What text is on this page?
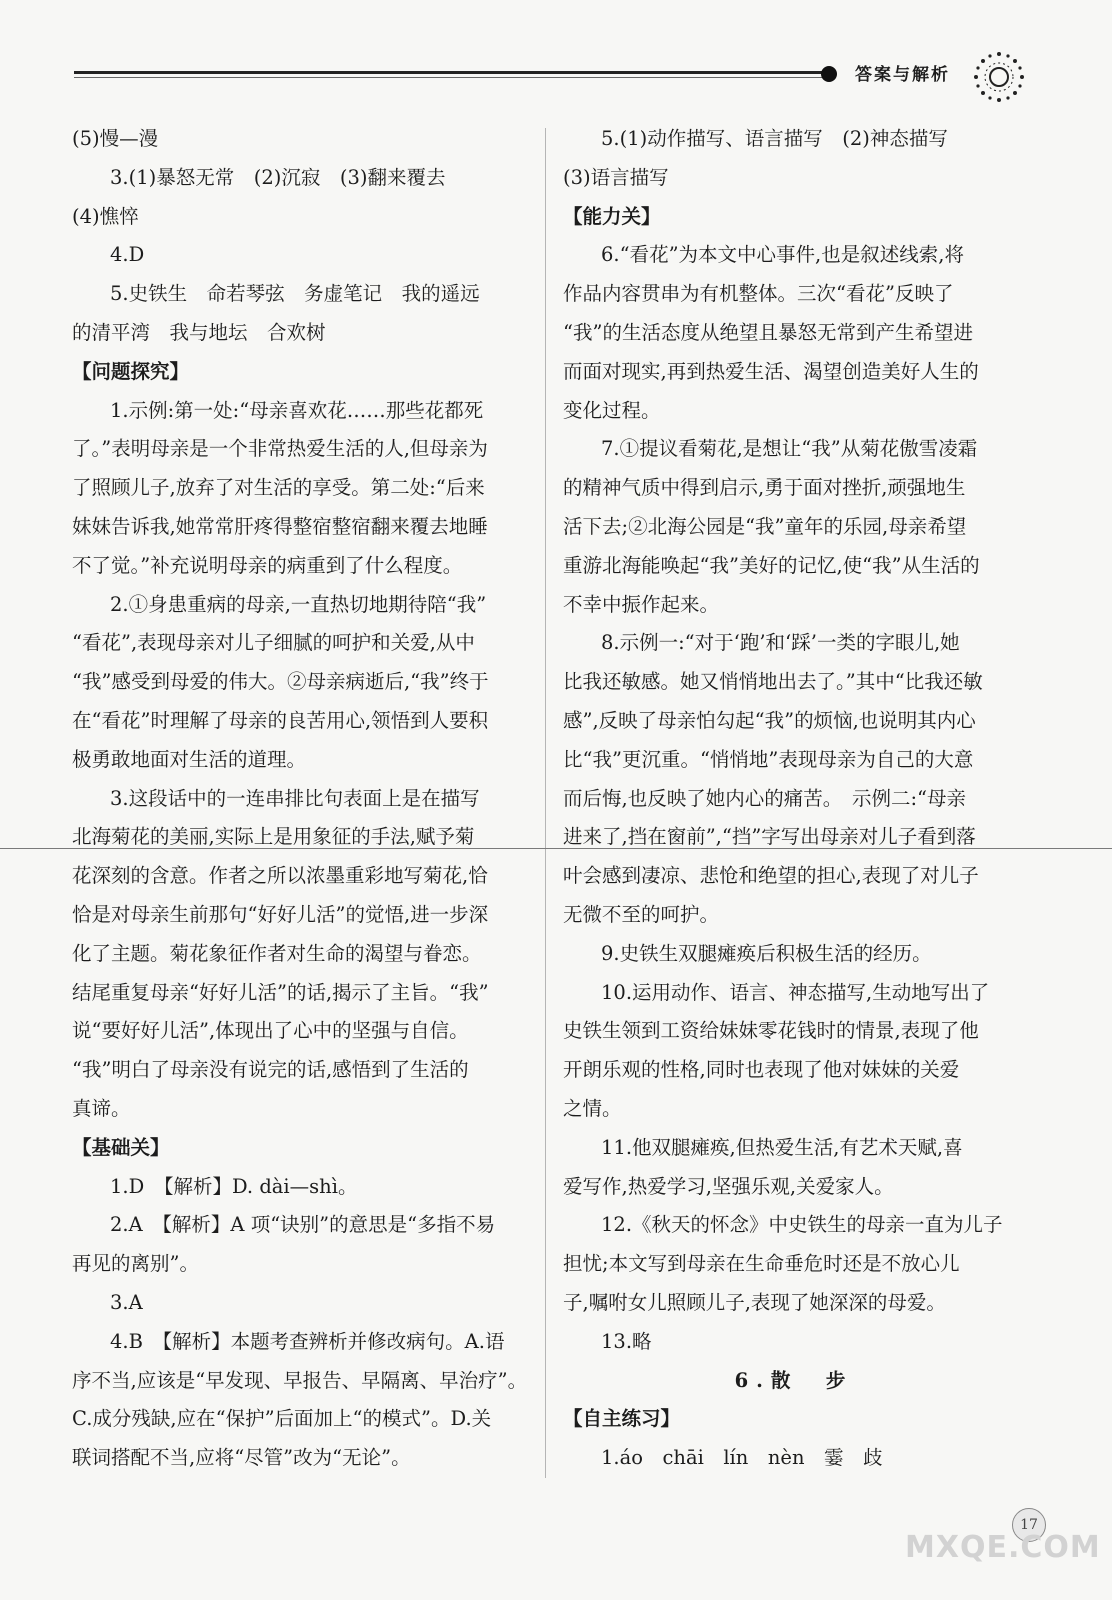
答案与解析
(5)慢—漫
3.(1)暴怒无常　(2)沉寂　(3)翻来覆去
(4)憔悴
4.D
5.史铁生　命若琴弦　务虚笔记　我的遥远
的清平湾　我与地坛　合欢树
【问题探究】
1.示例:第一处:“母亲喜欢花……那些花都死
了。”表明母亲是一个非常热爱生活的人,但母亲为
了照顾儿子,放弃了对生活的享受。第二处:“后来
妹妹告诉我,她常常肝疼得整宿整宿翻来覆去地睡
不了觉。”补充说明母亲的病重到了什么程度。
2.①身患重病的母亲,一直热切地期待陪“我”
“看花”,表现母亲对儿子细腻的呵护和关爱,从中
“我”感受到母爱的伟大。②母亲病逝后,“我”终于
在“看花”时理解了母亲的良苦用心,领悟到人要积
极勇敢地面对生活的道理。
3.这段话中的一连串排比句表面上是在描写
北海菊花的美丽,实际上是用象征的手法,赋予菊
花深刻的含意。作者之所以浓墨重彩地写菊花,恰
恰是对母亲生前那句“好好儿活”的觉悟,进一步深
化了主题。菊花象征作者对生命的渴望与眷恋。
结尾重复母亲“好好儿活”的话,揭示了主旨。“我”
说“要好好儿活”,体现出了心中的坚强与自信。
“我”明白了母亲没有说完的话,感悟到了生活的
真谛。
【基础关】
1.D　【解析】D. dài—shì。
2.A　【解析】A 项“诀别”的意思是“多指不易
再见的离别”。
3.A
4.B　【解析】本题考查辨析并修改病句。A.语
序不当,应该是“早发现、早报告、早隔离、早治疗”。
C.成分残缺,应在“保护”后面加上“的模式”。D.关
联词搭配不当,应将“尽管”改为“无论”。
5.(1)动作描写、语言描写　(2)神态描写
(3)语言描写
【能力关】
6.“看花”为本文中心事件,也是叙述线索,将
作品内容贯串为有机整体。三次“看花”反映了
“我”的生活态度从绝望且暴怒无常到产生希望进
而面对现实,再到热爱生活、渴望创造美好人生的
变化过程。
7.①提议看菊花,是想让“我”从菊花傲雪凌霜
的精神气质中得到启示,勇于面对挫折,顽强地生
活下去;②北海公园是“我”童年的乐园,母亲希望
重游北海能唤起“我”美好的记忆,使“我”从生活的
不幸中振作起来。
8.示例一:“对于‘跑’和‘踩’一类的字眼儿,她
比我还敏感。她又悄悄地出去了。”其中“比我还敏
感”,反映了母亲怕勾起“我”的烦恼,也说明其内心
比“我”更沉重。“悄悄地”表现母亲为自己的大意
而后悔,也反映了她内心的痛苦。　示例二:“母亲
进来了,挡在窗前”,“挡”字写出母亲对儿子看到落
叶会感到凄凉、悲怆和绝望的担心,表现了对儿子
无微不至的呵护。
9.史铁生双腿瘫痪后积极生活的经历。
10.运用动作、语言、神态描写,生动地写出了
史铁生领到工资给妹妹零花钱时的情景,表现了他
开朗乐观的性格,同时也表现了他对妹妹的关爱
之情。
11.他双腿瘫痪,但热爱生活,有艺术天赋,喜
爱写作,热爱学习,坚强乐观,关爱家人。
12.《秋天的怀念》中史铁生的母亲一直为儿子
担忧;本文写到母亲在生命垂危时还是不放心儿
子,嘱咐女儿照顾儿子,表现了她深深的母爱。
13.略
6.散　步
【自主练习】
1.áo　chāi　lín　nèn　霎　歧
17
MXQE.COM
